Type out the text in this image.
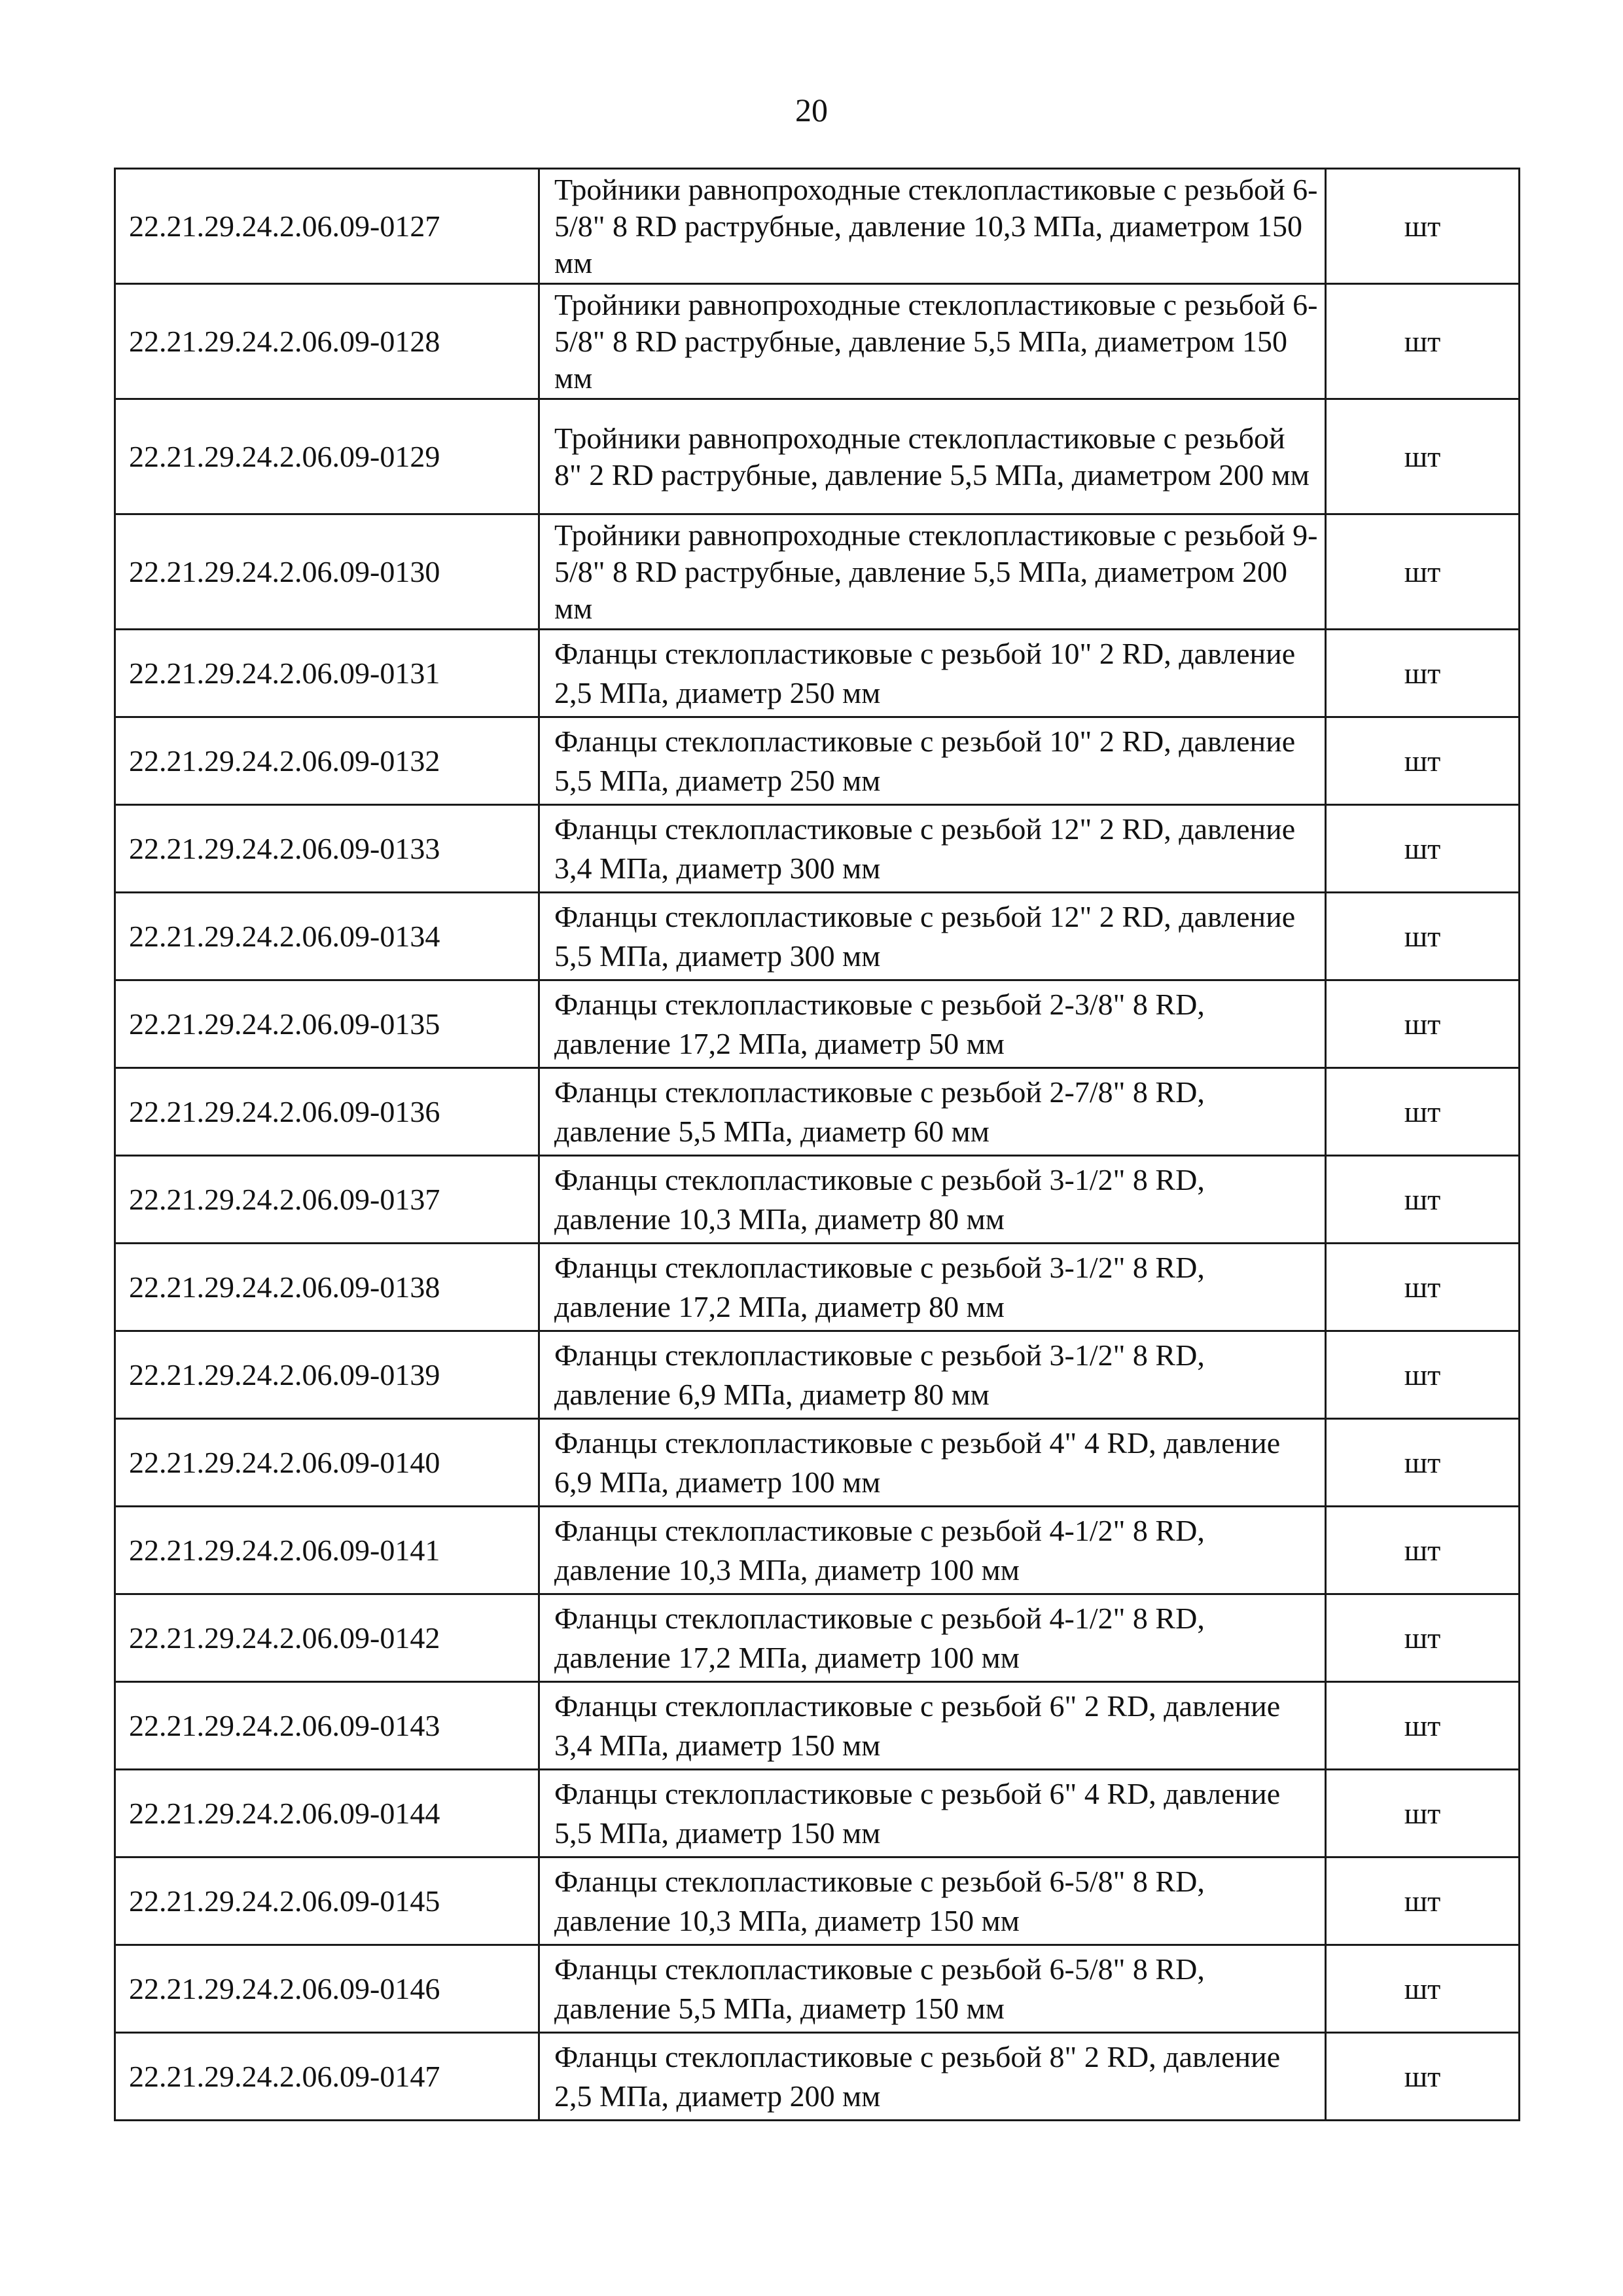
20
22.21.29.24.2.06.09-0127	Тройники равнопроходные стеклопластиковые с резьбой 6-5/8" 8 RD раструбные, давление 10,3 МПа, диаметром 150 мм	шт
22.21.29.24.2.06.09-0128	Тройники равнопроходные стеклопластиковые с резьбой 6-5/8" 8 RD раструбные, давление 5,5 МПа, диаметром 150 мм	шт
22.21.29.24.2.06.09-0129	Тройники равнопроходные стеклопластиковые с резьбой 8" 2 RD раструбные, давление 5,5 МПа, диаметром 200 мм	шт
22.21.29.24.2.06.09-0130	Тройники равнопроходные стеклопластиковые с резьбой 9-5/8" 8 RD раструбные, давление 5,5 МПа, диаметром 200 мм	шт
22.21.29.24.2.06.09-0131	Фланцы стеклопластиковые с резьбой 10" 2 RD, давление 2,5 МПа, диаметр 250 мм	шт
22.21.29.24.2.06.09-0132	Фланцы стеклопластиковые с резьбой 10" 2 RD, давление 5,5 МПа, диаметр 250 мм	шт
22.21.29.24.2.06.09-0133	Фланцы стеклопластиковые с резьбой 12" 2 RD, давление 3,4 МПа, диаметр 300 мм	шт
22.21.29.24.2.06.09-0134	Фланцы стеклопластиковые с резьбой 12" 2 RD, давление 5,5 МПа, диаметр 300 мм	шт
22.21.29.24.2.06.09-0135	Фланцы стеклопластиковые с резьбой 2-3/8" 8 RD, давление 17,2 МПа, диаметр 50 мм	шт
22.21.29.24.2.06.09-0136	Фланцы стеклопластиковые с резьбой 2-7/8" 8 RD, давление 5,5 МПа, диаметр 60 мм	шт
22.21.29.24.2.06.09-0137	Фланцы стеклопластиковые с резьбой 3-1/2" 8 RD, давление 10,3 МПа, диаметр 80 мм	шт
22.21.29.24.2.06.09-0138	Фланцы стеклопластиковые с резьбой 3-1/2" 8 RD, давление 17,2 МПа, диаметр 80 мм	шт
22.21.29.24.2.06.09-0139	Фланцы стеклопластиковые с резьбой 3-1/2" 8 RD, давление 6,9 МПа, диаметр 80 мм	шт
22.21.29.24.2.06.09-0140	Фланцы стеклопластиковые с резьбой 4" 4 RD, давление 6,9 МПа, диаметр 100 мм	шт
22.21.29.24.2.06.09-0141	Фланцы стеклопластиковые с резьбой 4-1/2" 8 RD, давление 10,3 МПа, диаметр 100 мм	шт
22.21.29.24.2.06.09-0142	Фланцы стеклопластиковые с резьбой 4-1/2" 8 RD, давление 17,2 МПа, диаметр 100 мм	шт
22.21.29.24.2.06.09-0143	Фланцы стеклопластиковые с резьбой 6" 2 RD, давление 3,4 МПа, диаметр 150 мм	шт
22.21.29.24.2.06.09-0144	Фланцы стеклопластиковые с резьбой 6" 4 RD, давление 5,5 МПа, диаметр 150 мм	шт
22.21.29.24.2.06.09-0145	Фланцы стеклопластиковые с резьбой 6-5/8" 8 RD, давление 10,3 МПа, диаметр 150 мм	шт
22.21.29.24.2.06.09-0146	Фланцы стеклопластиковые с резьбой 6-5/8" 8 RD, давление 5,5 МПа, диаметр 150 мм	шт
22.21.29.24.2.06.09-0147	Фланцы стеклопластиковые с резьбой 8" 2 RD, давление 2,5 МПа, диаметр 200 мм	шт
